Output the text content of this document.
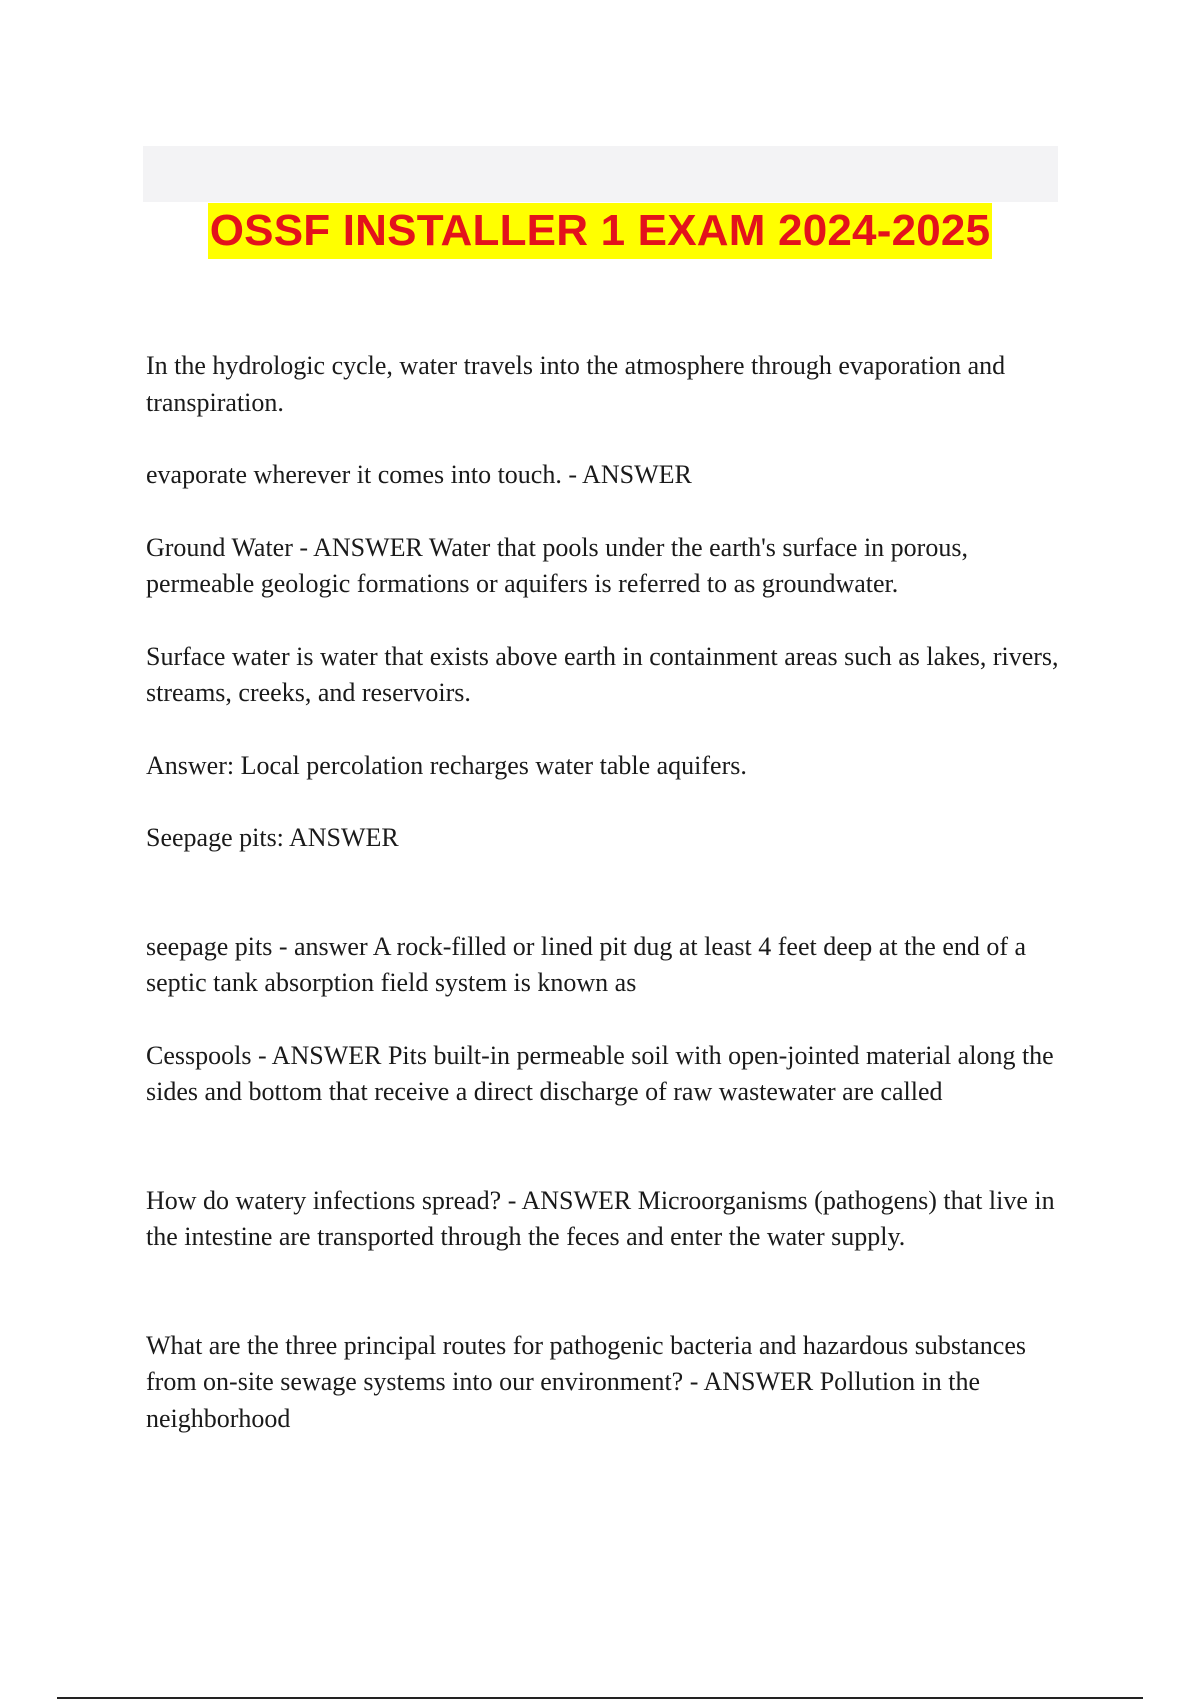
OSSF INSTALLER 1 EXAM 2024-2025

In the hydrologic cycle, water travels into the atmosphere through evaporation and transpiration.

evaporate wherever it comes into touch. - ANSWER

Ground Water - ANSWER Water that pools under the earth's surface in porous, permeable geologic formations or aquifers is referred to as groundwater.

Surface water is water that exists above earth in containment areas such as lakes, rivers, streams, creeks, and reservoirs.

Answer: Local percolation recharges water table aquifers.

Seepage pits: ANSWER

seepage pits - answer A rock-filled or lined pit dug at least 4 feet deep at the end of a septic tank absorption field system is known as

Cesspools - ANSWER Pits built-in permeable soil with open-jointed material along the sides and bottom that receive a direct discharge of raw wastewater are called

How do watery infections spread? - ANSWER Microorganisms (pathogens) that live in the intestine are transported through the feces and enter the water supply.

What are the three principal routes for pathogenic bacteria and hazardous substances from on-site sewage systems into our environment? - ANSWER Pollution in the neighborhood
